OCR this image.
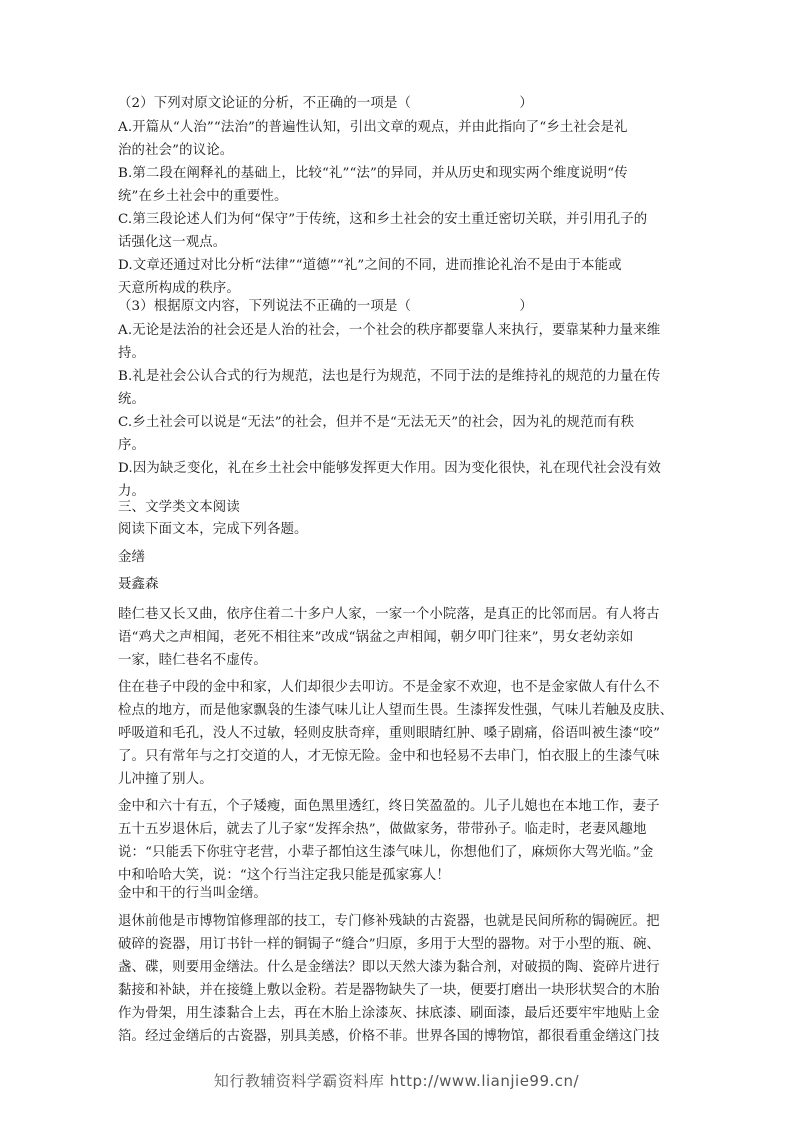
（2）下列对原文论证的分析，不正确的一项是（　　　　　　　　）
A.开篇从“人治”“法治”的普遍性认知，引出文章的观点，并由此指向了“乡土社会是礼
治的社会”的议论。
B.第二段在阐释礼的基础上，比较“礼”“法”的异同，并从历史和现实两个维度说明“传
统”在乡土社会中的重要性。
C.第三段论述人们为何“保守”于传统，这和乡土社会的安土重迁密切关联，并引用孔子的
话强化这一观点。
D.文章还通过对比分析“法律”“道德”“礼”之间的不同，进而推论礼治不是由于本能或
天意所构成的秩序。
（3）根据原文内容，下列说法不正确的一项是（　　　　　　　　）
A.无论是法治的社会还是人治的社会，一个社会的秩序都要靠人来执行，要靠某种力量来维
持。
B.礼是社会公认合式的行为规范，法也是行为规范，不同于法的是维持礼的规范的力量在传
统。
C.乡土社会可以说是“无法”的社会，但并不是“无法无天”的社会，因为礼的规范而有秩
序。
D.因为缺乏变化，礼在乡土社会中能够发挥更大作用。因为变化很快，礼在现代社会没有效
力。
三、文学类文本阅读
阅读下面文本，完成下列各题。
金缮
聂鑫森
睦仁巷又长又曲，依序住着二十多户人家，一家一个小院落，是真正的比邻而居。有人将古
语“鸡犬之声相闻，老死不相往来”改成“锅盆之声相闻，朝夕叩门往来”，男女老幼亲如
一家，睦仁巷名不虚传。
住在巷子中段的金中和家，人们却很少去叩访。不是金家不欢迎，也不是金家做人有什么不
检点的地方，而是他家飘袅的生漆气味儿让人望而生畏。生漆挥发性强，气味儿若触及皮肤、
呼吸道和毛孔，没人不过敏，轻则皮肤奇痒，重则眼睛红肿、嗓子剧痛，俗语叫被生漆“咬”
了。只有常年与之打交道的人，才无惊无险。金中和也轻易不去串门，怕衣服上的生漆气味
儿冲撞了别人。
金中和六十有五，个子矮瘦，面色黑里透红，终日笑盈盈的。儿子儿媳也在本地工作，妻子
五十五岁退休后，就去了儿子家“发挥余热”，做做家务，带带孙子。临走时，老妻风趣地
说：“只能丢下你驻守老营，小辈子都怕这生漆气味儿，你想他们了，麻烦你大驾光临。”金
中和哈哈大笑，说：“这个行当注定我只能是孤家寡人！
金中和干的行当叫金缮。
退休前他是市博物馆修理部的技工，专门修补残缺的古瓷器，也就是民间所称的锔碗匠。把
破碎的瓷器，用订书针一样的铜锔子“缝合”归原，多用于大型的器物。对于小型的瓶、碗、
盏、碟，则要用金缮法。什么是金缮法？即以天然大漆为黏合剂，对破损的陶、瓷碎片进行
黏接和补缺，并在接缝上敷以金粉。若是器物缺失了一块，便要打磨出一块形状契合的木胎
作为骨架，用生漆黏合上去，再在木胎上涂漆灰、抹底漆、刷面漆，最后还要牢牢地贴上金
箔。经过金缮后的古瓷器，别具美感，价格不菲。世界各国的博物馆，都很看重金缮这门技
知行教辅资料学霸资料库 http://www.lianjie99.cn/
